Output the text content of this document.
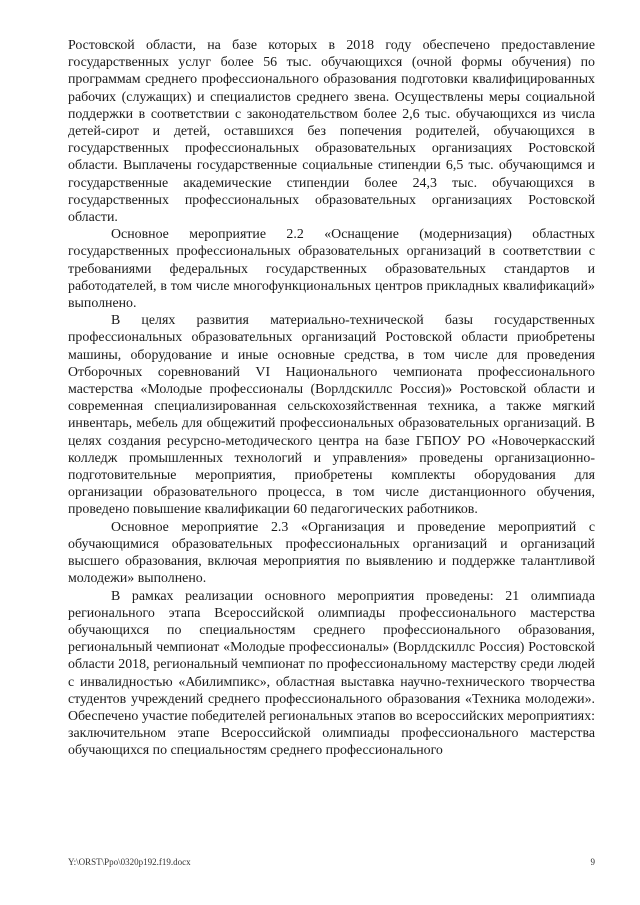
Ростовской области, на базе которых в 2018 году обеспечено предоставление государственных услуг более 56 тыс. обучающихся (очной формы обучения) по программам среднего профессионального образования подготовки квалифицированных рабочих (служащих) и специалистов среднего звена. Осуществлены меры социальной поддержки в соответствии с законодательством более 2,6 тыс. обучающихся из числа детей-сирот и детей, оставшихся без попечения родителей, обучающихся в государственных профессиональных образовательных организациях Ростовской области. Выплачены государственные социальные стипендии 6,5 тыс. обучающимся и государственные академические стипендии более 24,3 тыс. обучающихся в государственных профессиональных образовательных организациях Ростовской области.

Основное мероприятие 2.2 «Оснащение (модернизация) областных государственных профессиональных образовательных организаций в соответствии с требованиями федеральных государственных образовательных стандартов и работодателей, в том числе многофункциональных центров прикладных квалификаций» выполнено.

В целях развития материально-технической базы государственных профессиональных образовательных организаций Ростовской области приобретены машины, оборудование и иные основные средства, в том числе для проведения Отборочных соревнований VI Национального чемпионата профессионального мастерства «Молодые профессионалы (Ворлдскиллс Россия)» Ростовской области и современная специализированная сельскохозяйственная техника, а также мягкий инвентарь, мебель для общежитий профессиональных образовательных организаций. В целях создания ресурсно-методического центра на базе ГБПОУ РО «Новочеркасский колледж промышленных технологий и управления» проведены организационно-подготовительные мероприятия, приобретены комплекты оборудования для организации образовательного процесса, в том числе дистанционного обучения, проведено повышение квалификации 60 педагогических работников.

Основное мероприятие 2.3 «Организация и проведение мероприятий с обучающимися образовательных профессиональных организаций и организаций высшего образования, включая мероприятия по выявлению и поддержке талантливой молодежи» выполнено.

В рамках реализации основного мероприятия проведены: 21 олимпиада регионального этапа Всероссийской олимпиады профессионального мастерства обучающихся по специальностям среднего профессионального образования, региональный чемпионат «Молодые профессионалы» (Ворлдскиллс Россия) Ростовской области 2018, региональный чемпионат по профессиональному мастерству среди людей с инвалидностью «Абилимпикс», областная выставка научно-технического творчества студентов учреждений среднего профессионального образования «Техника молодежи». Обеспечено участие победителей региональных этапов во всероссийских мероприятиях: заключительном этапе Всероссийской олимпиады профессионального мастерства обучающихся по специальностям среднего профессионального

Y:\ORST\Ppo\0320p192.f19.docx	9
